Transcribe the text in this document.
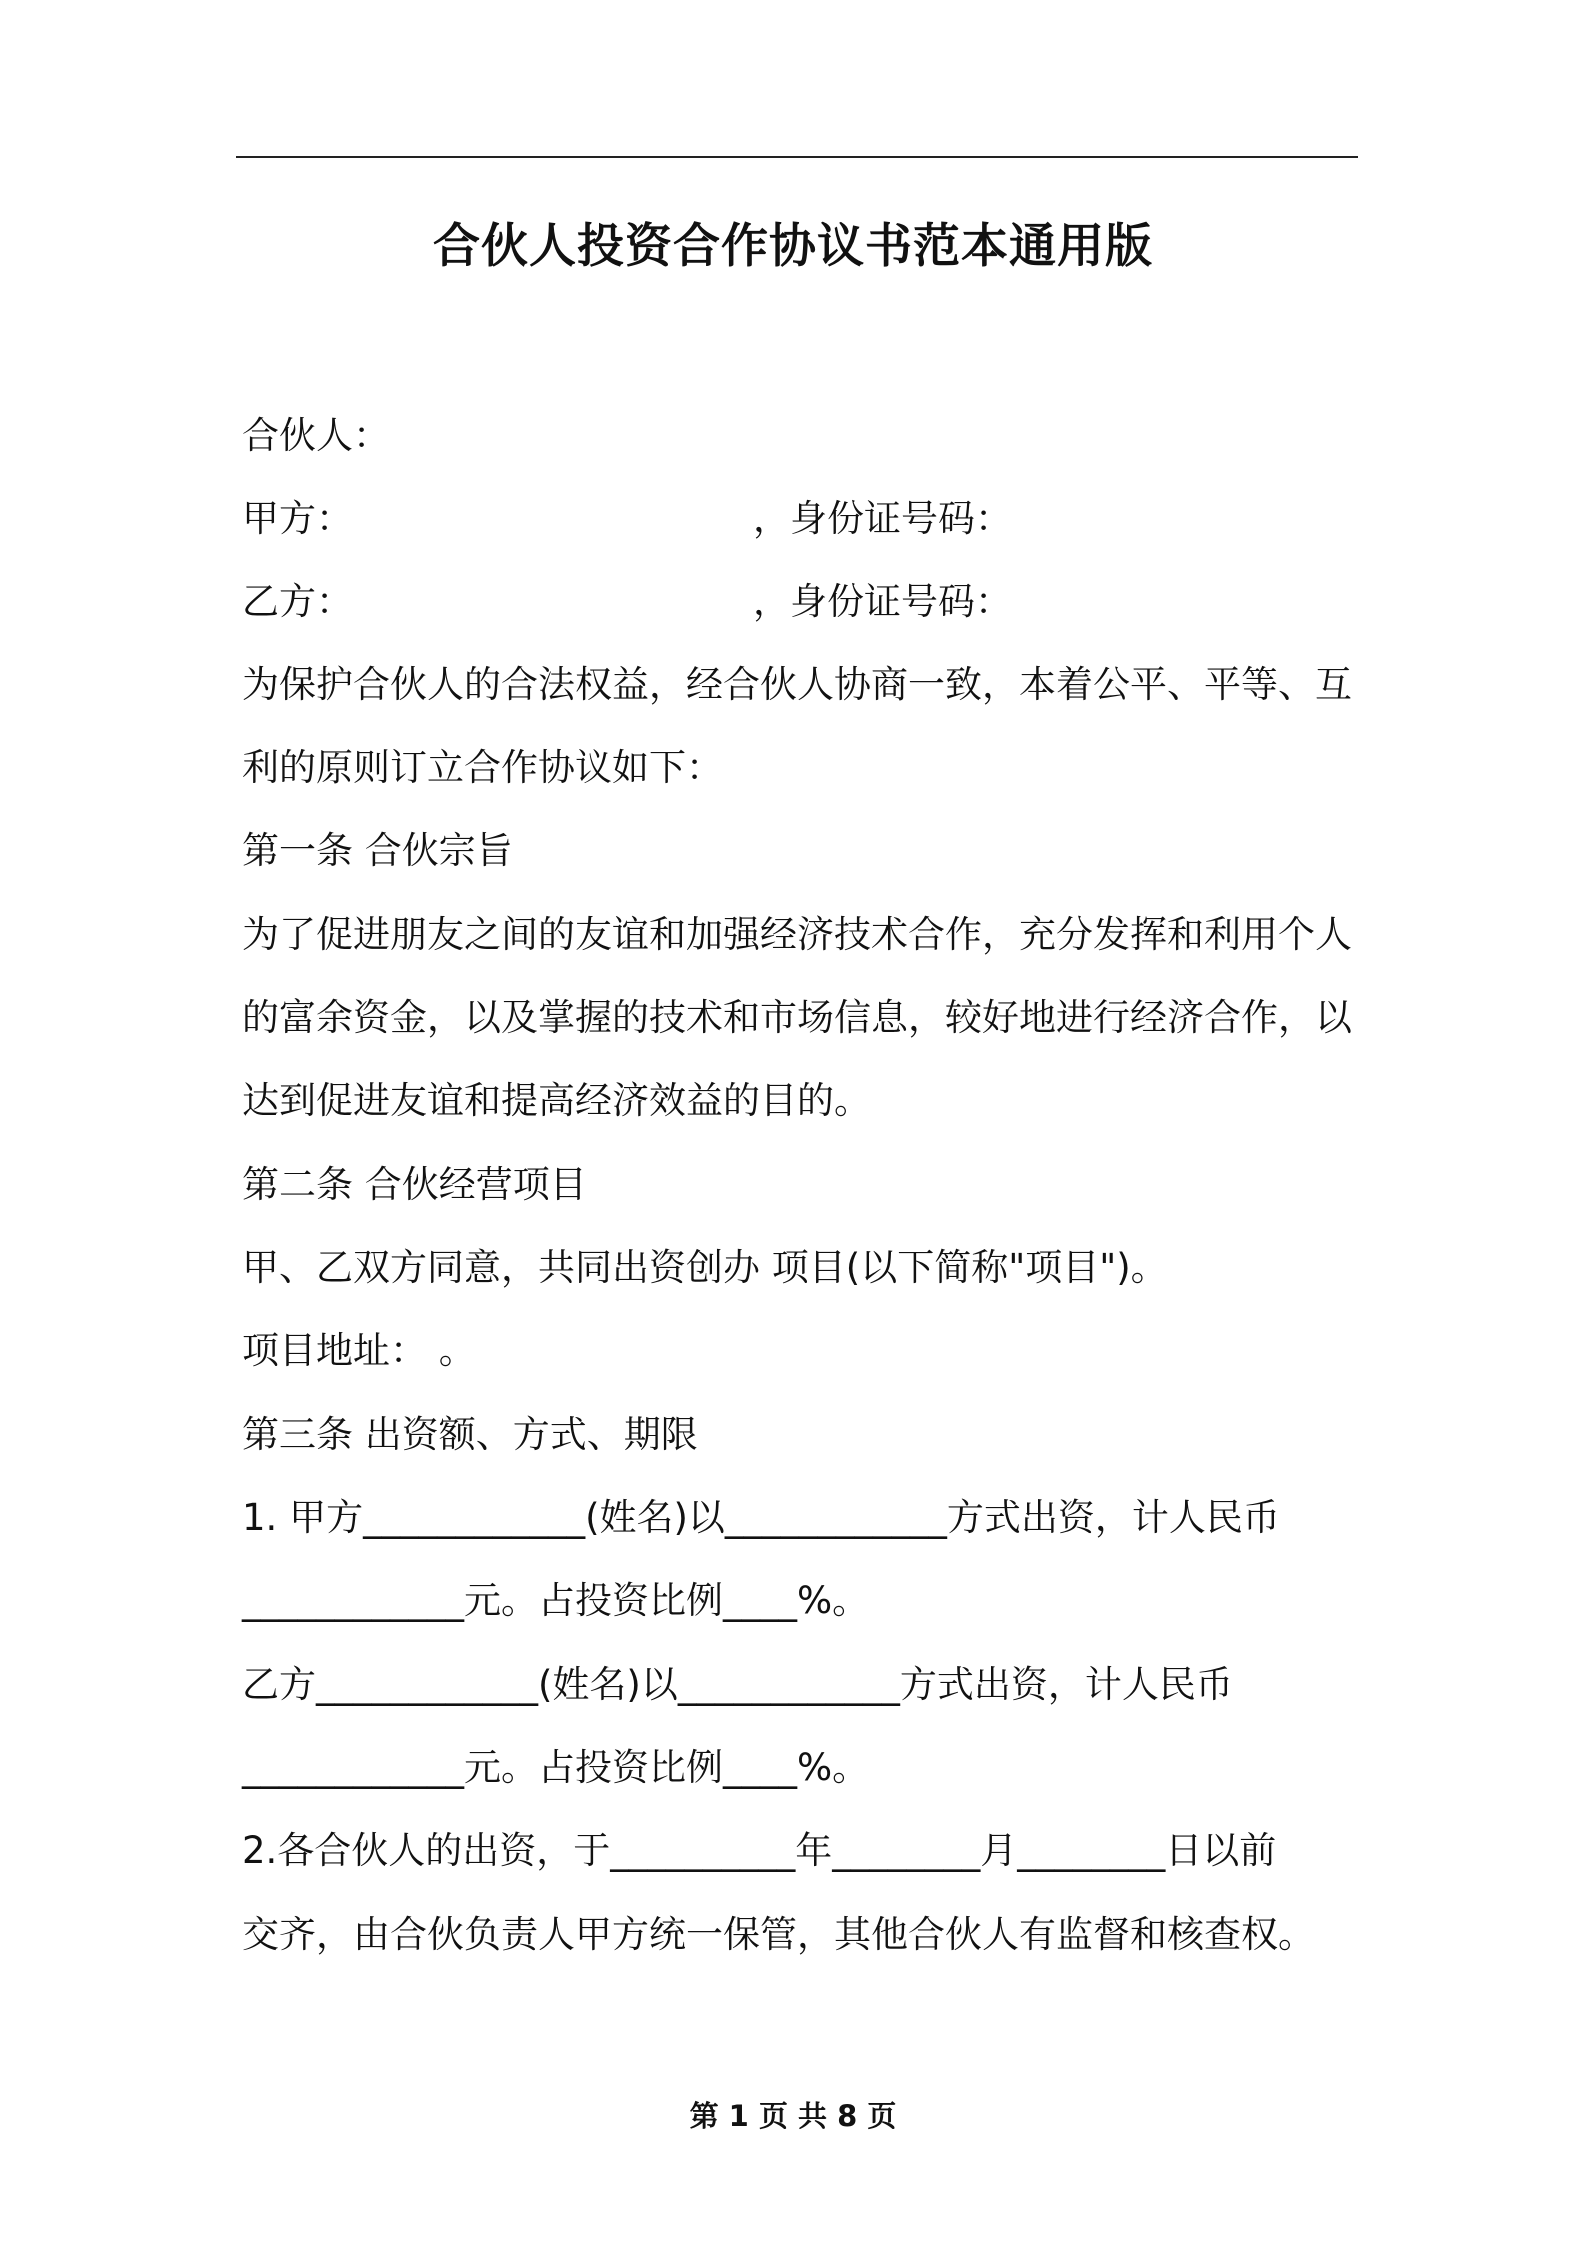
合伙人投资合作协议书范本通用版
合伙人：
甲方：	，身份证号码：
乙方：	，身份证号码：
为保护合伙人的合法权益，经合伙人协商一致，本着公平、平等、互
利的原则订立合作协议如下：
第一条 合伙宗旨
为了促进朋友之间的友谊和加强经济技术合作，充分发挥和利用个人
的富余资金，以及掌握的技术和市场信息，较好地进行经济合作，以
达到促进友谊和提高经济效益的目的。
第二条 合伙经营项目
甲、乙双方同意，共同出资创办 项目(以下简称"项目")。
项目地址： 。
第三条 出资额、方式、期限
1. 甲方____________(姓名)以____________方式出资，计人民币
____________元。占投资比例____%。
乙方____________(姓名)以____________方式出资，计人民币
____________元。占投资比例____%。
2.各合伙人的出资，于__________年________月________日以前
交齐，由合伙负责人甲方统一保管，其他合伙人有监督和核查权。
第 1 页 共 8 页
